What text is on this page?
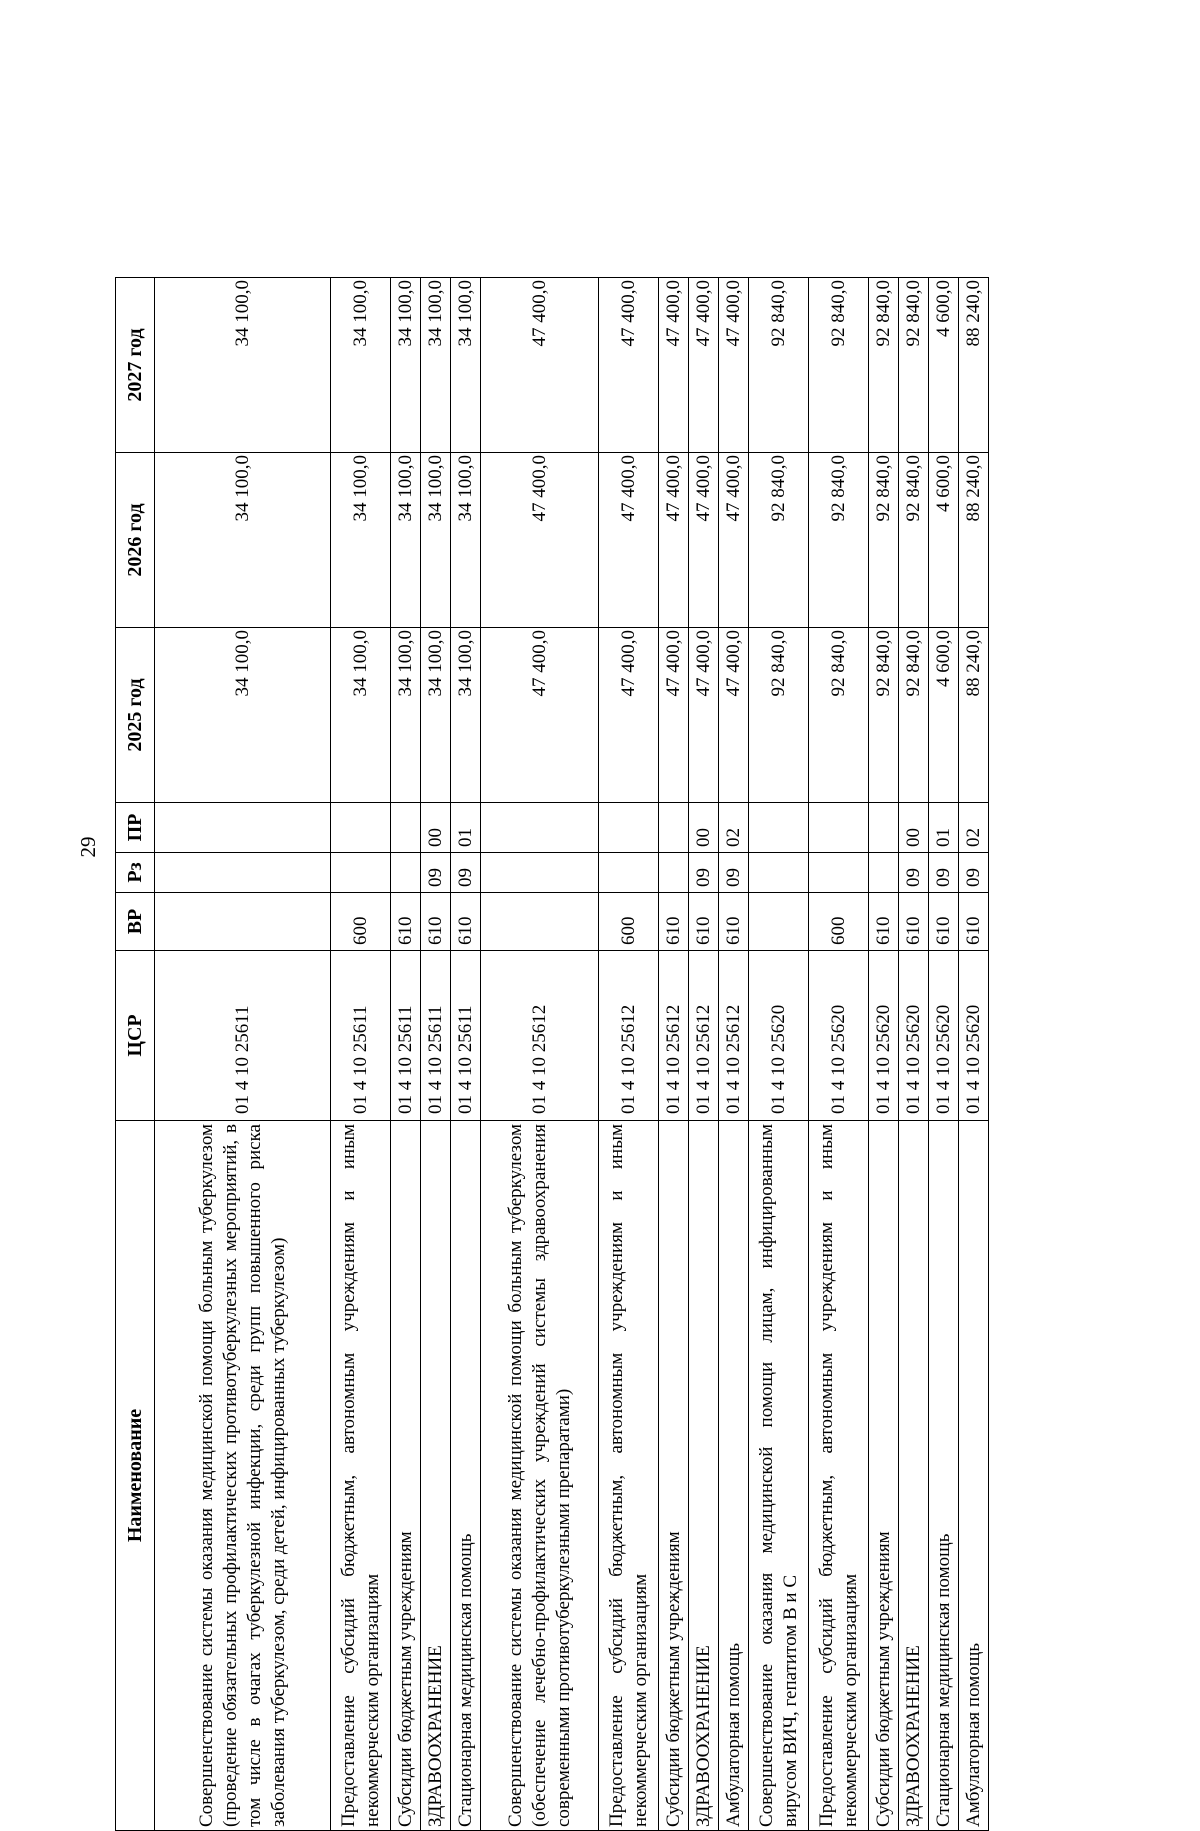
29
Наименование	ЦСР	ВР	Рз	ПР	2025 год	2026 год	2027 год
Совершенствование системы оказания медицинской помощи больным туберкулезом (проведение обязательных профилактических противотуберкулезных мероприятий, в том числе в очагах туберкулезной инфекции, среди групп повышенного риска заболевания туберкулезом, среди детей, инфицированных туберкулезом)	01 4 10 25611				34 100,0	34 100,0	34 100,0
Предоставление субсидий бюджетным, автономным учреждениям и иным некоммерческим организациям	01 4 10 25611	600			34 100,0	34 100,0	34 100,0
Субсидии бюджетным учреждениям	01 4 10 25611	610			34 100,0	34 100,0	34 100,0
ЗДРАВООХРАНЕНИЕ	01 4 10 25611	610	09	00	34 100,0	34 100,0	34 100,0
Стационарная медицинская помощь	01 4 10 25611	610	09	01	34 100,0	34 100,0	34 100,0
Совершенствование системы оказания медицинской помощи больным туберкулезом (обеспечение лечебно-профилактических учреждений системы здравоохранения современными противотуберкулезными препаратами)	01 4 10 25612				47 400,0	47 400,0	47 400,0
Предоставление субсидий бюджетным, автономным учреждениям и иным некоммерческим организациям	01 4 10 25612	600			47 400,0	47 400,0	47 400,0
Субсидии бюджетным учреждениям	01 4 10 25612	610			47 400,0	47 400,0	47 400,0
ЗДРАВООХРАНЕНИЕ	01 4 10 25612	610	09	00	47 400,0	47 400,0	47 400,0
Амбулаторная помощь	01 4 10 25612	610	09	02	47 400,0	47 400,0	47 400,0
Совершенствование оказания медицинской помощи лицам, инфицированным вирусом ВИЧ, гепатитом В и С	01 4 10 25620				92 840,0	92 840,0	92 840,0
Предоставление субсидий бюджетным, автономным учреждениям и иным некоммерческим организациям	01 4 10 25620	600			92 840,0	92 840,0	92 840,0
Субсидии бюджетным учреждениям	01 4 10 25620	610			92 840,0	92 840,0	92 840,0
ЗДРАВООХРАНЕНИЕ	01 4 10 25620	610	09	00	92 840,0	92 840,0	92 840,0
Стационарная медицинская помощь	01 4 10 25620	610	09	01	4 600,0	4 600,0	4 600,0
Амбулаторная помощь	01 4 10 25620	610	09	02	88 240,0	88 240,0	88 240,0
